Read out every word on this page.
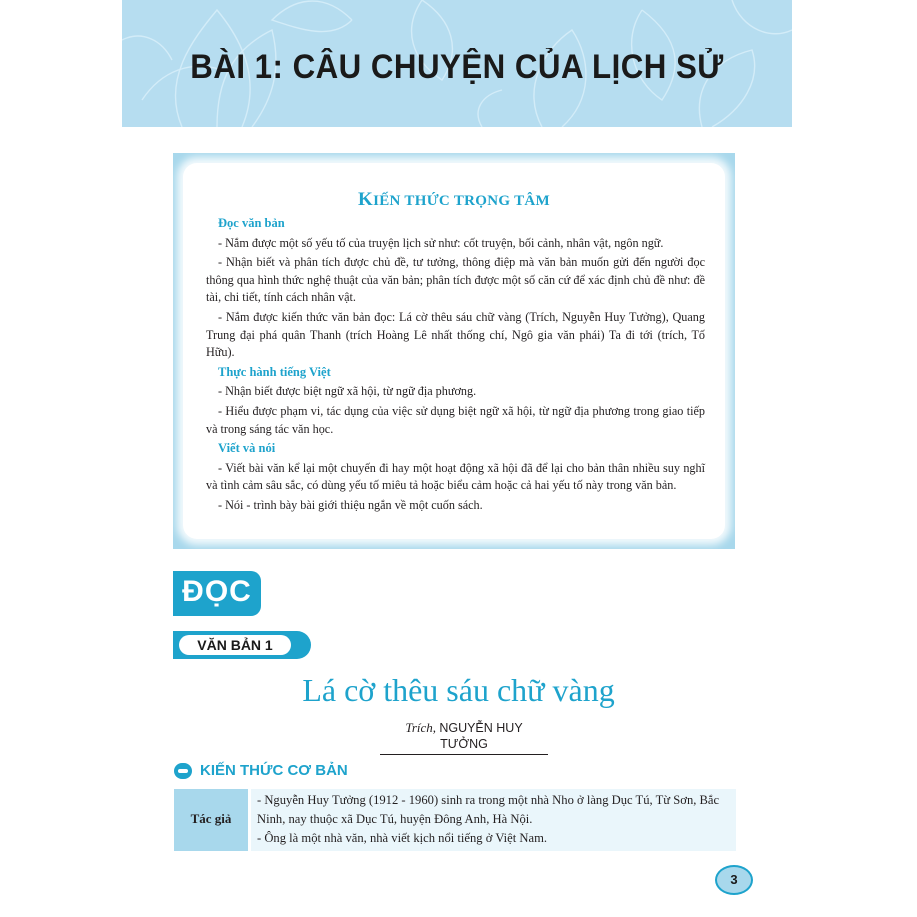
BÀI 1: CÂU CHUYỆN CỦA LỊCH SỬ
KIẾN THỨC TRỌNG TÂM
Đọc văn bản

- Nắm được một số yếu tố của truyện lịch sử như: cốt truyện, bối cảnh, nhân vật, ngôn ngữ.

- Nhận biết và phân tích được chủ đề, tư tưởng, thông điệp mà văn bản muốn gửi đến người đọc thông qua hình thức nghệ thuật của văn bản; phân tích được một số căn cứ để xác định chủ đề như: đề tài, chi tiết, tính cách nhân vật.

- Nắm được kiến thức văn bản đọc: Lá cờ thêu sáu chữ vàng (Trích, Nguyễn Huy Tưởng), Quang Trung đại phá quân Thanh (trích Hoàng Lê nhất thống chí, Ngô gia văn phái) Ta đi tới (trích, Tố Hữu).

Thực hành tiếng Việt

- Nhận biết được biệt ngữ xã hội, từ ngữ địa phương.

- Hiểu được phạm vi, tác dụng của việc sử dụng biệt ngữ xã hội, từ ngữ địa phương trong giao tiếp và trong sáng tác văn học.

Viết và nói

- Viết bài văn kể lại một chuyến đi hay một hoạt động xã hội đã để lại cho bản thân nhiều suy nghĩ và tình cảm sâu sắc, có dùng yếu tố miêu tả hoặc biểu cảm hoặc cả hai yếu tố này trong văn bản.

- Nói - trình bày bài giới thiệu ngắn về một cuốn sách.

ĐỌC
VĂN BẢN 1
Lá cờ thêu sáu chữ vàng
Trích, NGUYỄN HUY TƯỞNG
KIẾN THỨC CƠ BẢN
Tác giả

- Nguyễn Huy Tưởng (1912 - 1960) sinh ra trong một nhà Nho ở làng Dục Tú, Từ Sơn, Bắc Ninh, nay thuộc xã Dục Tú, huyện Đông Anh, Hà Nội.

- Ông là một nhà văn, nhà viết kịch nổi tiếng ở Việt Nam.

3
